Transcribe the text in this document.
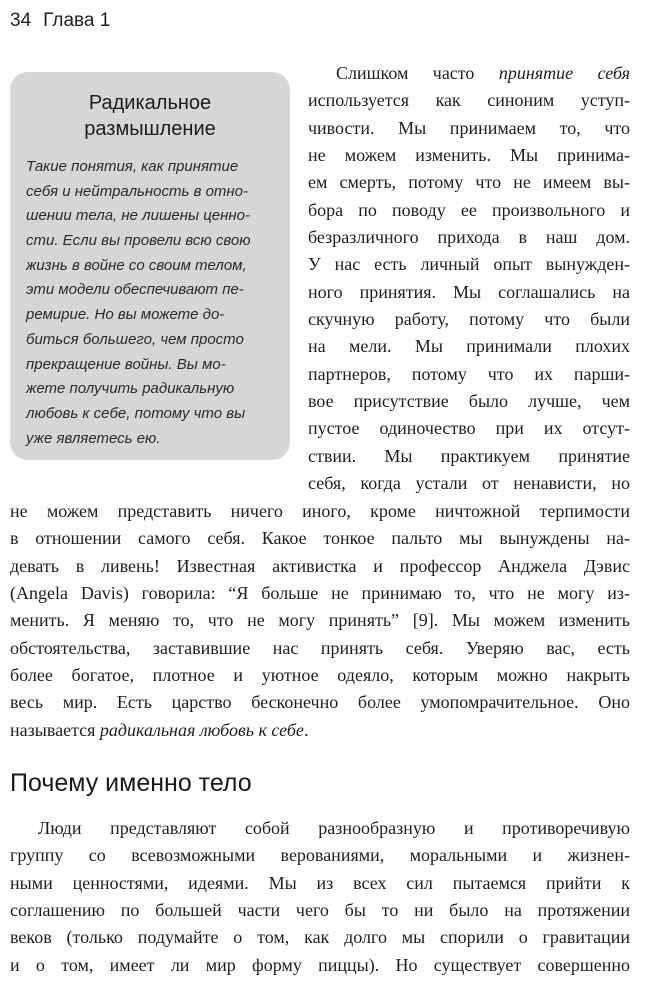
34 Глава 1
Радикальное
размышление
Такие понятия, как принятие
себя и нейтральность в отно-
шении тела, не лишены ценно-
сти. Если вы провели всю свою
жизнь в войне со своим телом,
эти модели обеспечивают пе-
ремирие. Но вы можете до-
биться большего, чем просто
прекращение войны. Вы мо-
жете получить радикальную
любовь к себе, потому что вы
уже являетесь ею.
Слишком часто принятие себя
используется как синоним уступ-
чивости. Мы принимаем то, что
не можем изменить. Мы принима-
ем смерть, потому что не имеем вы-
бора по поводу ее произвольного и
безразличного прихода в наш дом.
У нас есть личный опыт вынужден-
ного принятия. Мы соглашались на
скучную работу, потому что были
на мели. Мы принимали плохих
партнеров, потому что их парши-
вое присутствие было лучше, чем
пустое одиночество при их отсут-
ствии. Мы практикуем принятие
себя, когда устали от ненависти, но
не можем представить ничего иного, кроме ничтожной терпимости
в отношении самого себя. Какое тонкое пальто мы вынуждены на-
девать в ливень! Известная активистка и профессор Анджела Дэвис
(Angela Davis) говорила: “Я больше не принимаю то, что не могу из-
менить. Я меняю то, что не могу принять” [9]. Мы можем изменить
обстоятельства, заставившие нас принять себя. Уверяю вас, есть
более богатое, плотное и уютное одеяло, которым можно накрыть
весь мир. Есть царство бесконечно более умопомрачительное. Оно
называется радикальная любовь к себе.
Почему именно тело
Люди представляют собой разнообразную и противоречивую
группу со всевозможными верованиями, моральными и жизнен-
ными ценностями, идеями. Мы из всех сил пытаемся прийти к
соглашению по большей части чего бы то ни было на протяжении
веков (только подумайте о том, как долго мы спорили о гравитации
и о том, имеет ли мир форму пиццы). Но существует совершенно
